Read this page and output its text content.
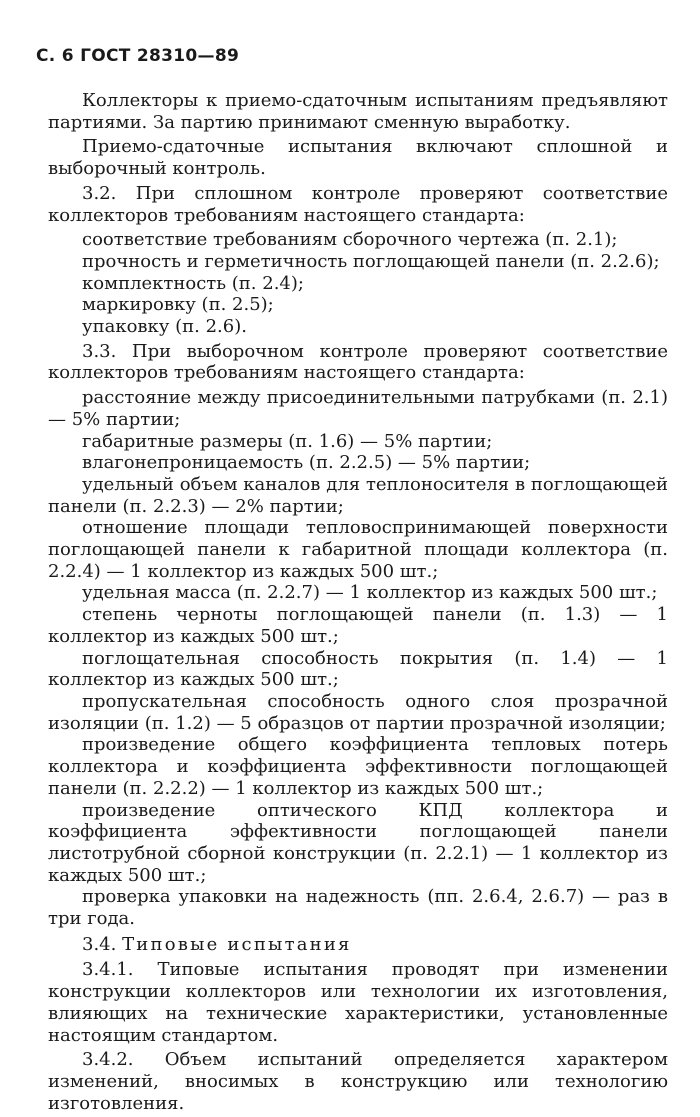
С. 6 ГОСТ 28310—89

Коллекторы к приемо-сдаточным испытаниям предъявляют партиями. За партию принимают сменную выработку.

Приемо-сдаточные испытания включают сплошной и выборочный контроль.

3.2. При сплошном контроле проверяют соответствие коллекторов требованиям настоящего стандарта:

соответствие требованиям сборочного чертежа (п. 2.1);

прочность и герметичность поглощающей панели (п. 2.2.6);

комплектность (п. 2.4);

маркировку (п. 2.5);

упаковку (п. 2.6).

3.3. При выборочном контроле проверяют соответствие коллекторов требованиям настоящего стандарта:

расстояние между присоединительными патрубками (п. 2.1) — 5% партии;

габаритные размеры (п. 1.6) — 5% партии;

влагонепроницаемость (п. 2.2.5) — 5% партии;

удельный объем каналов для теплоносителя в поглощающей панели (п. 2.2.3) — 2% партии;

отношение площади тепловоспринимающей поверхности поглощающей панели к габаритной площади коллектора (п. 2.2.4) — 1 коллектор из каждых 500 шт.;

удельная масса (п. 2.2.7) — 1 коллектор из каждых 500 шт.;

степень черноты поглощающей панели (п. 1.3) — 1 коллектор из каждых 500 шт.;

поглощательная способность покрытия (п. 1.4) — 1 коллектор из каждых 500 шт.;

пропускательная способность одного слоя прозрачной изоляции (п. 1.2) — 5 образцов от партии прозрачной изоляции;

произведение общего коэффициента тепловых потерь коллектора и коэффициента эффективности поглощающей панели (п. 2.2.2) — 1 коллектор из каждых 500 шт.;

произведение оптического КПД коллектора и коэффициента эффективности поглощающей панели листотрубной сборной конструкции (п. 2.2.1) — 1 коллектор из каждых 500 шт.;

проверка упаковки на надежность (пп. 2.6.4, 2.6.7) — раз в три года.

3.4. Типовые испытания

3.4.1. Типовые испытания проводят при изменении конструкции коллекторов или технологии их изготовления, влияющих на технические характеристики, установленные настоящим стандартом.

3.4.2. Объем испытаний определяется характером изменений, вносимых в конструкцию или технологию изготовления.
